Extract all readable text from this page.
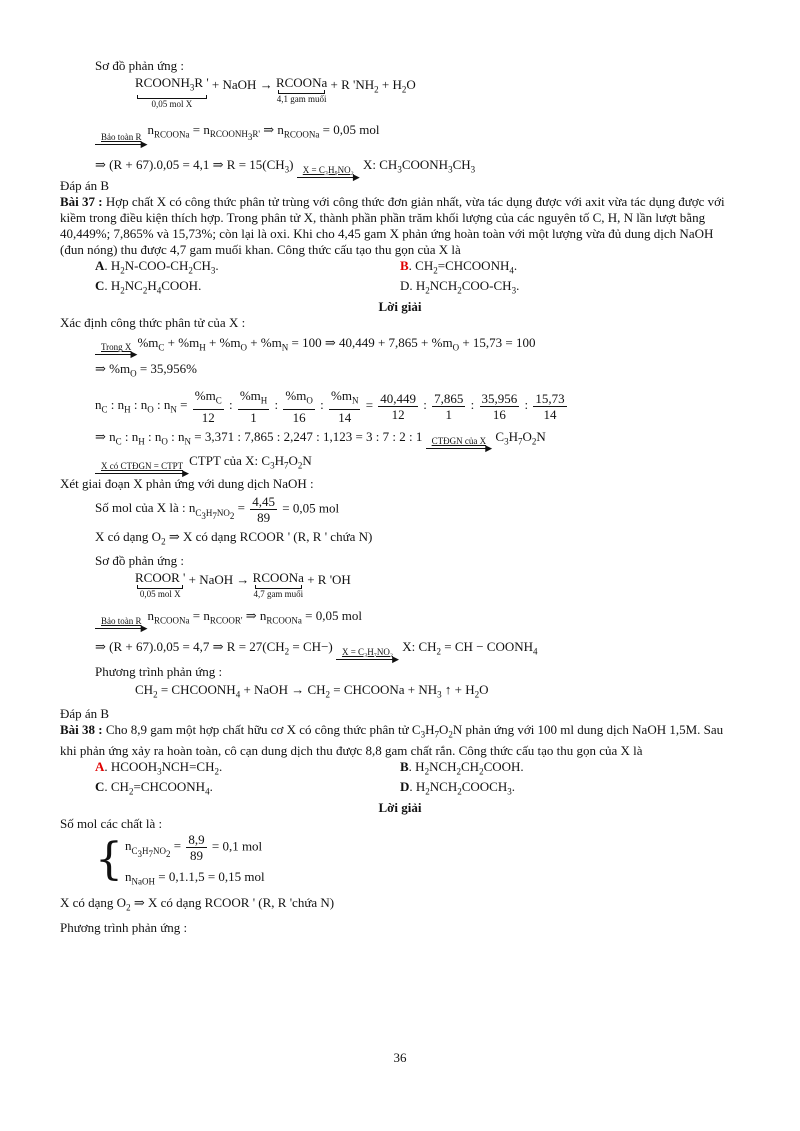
Sơ đồ phản ứng :
$RCOONH_3R$ '
0,05 mol X
+ NaOH → RCOONa
4,1 gam muối
+ R '$NH_2 + H_2O$
Bảo toàn R
▶
$n_{RCOONa} = n_{RCOONH_3R'}$ ⇒ $n_{RCOONa} = 0,05$ mol
⇒ (R + 67).0,05 = 4,1 ⇒ $R = 15(CH_3)$	X = C₃H₉NO₂
▶
X: $CH_3COONH_3CH_3$
Đáp án B
Bài 37 : Hợp chất X có công thức phân tử trùng với công thức đơn giản nhất, vừa tác dụng được với axit vừa tác dụng được với kiềm trong điều kiện thích hợp. Trong phân tử X, thành phần phần trăm khối lượng của các nguyên tố C, H, N lần lượt bằng 40,449%; 7,865% và 15,73%; còn lại là oxi. Khi cho 4,45 gam X phản ứng hoàn toàn với một lượng vừa đủ dung dịch NaOH (đun nóng) thu được 4,7 gam muối khan. Công thức cấu tạo thu gọn của X là
A. $H_2N-COO-CH_2CH_3$.	B. $CH_2=CHCOONH_4$.
C. $H_2NC_2H_4COOH$.	D. $H_2NCH_2COO-CH_3$.
Lời giải
Xác định công thức phân tử của X :
Trong X
▶
$\%m_C + \%m_H + \%m_O + \%m_N = 100$ ⇒ $40,449 + 7,865 + \%m_O + 15,73 = 100$
⇒ $\%m_O = 35,956\%$
$n_C$ : $n_H$ : $n_O$ : $n_N = \frac{\%m_C}{12}$ : $\frac{\%m_H}{1}$ : $\frac{\%m_O}{16}$ : $\frac{\%m_N}{14} = \frac{40,449}{12}$ : $\frac{7,865}{1}$ : $\frac{35,956}{16}$ : $\frac{15,73}{14}$
⇒ $n_C$ : $n_H$ : $n_O$ : $n_N = 3,371$ : 7,865 : 2,247 : 1,123 = 3 : 7 : 2 : 1	CTĐGN của X
▶
$C_3H_7O_2N$
X có CTĐGN = CTPT
▶
CTPT của X: $C_3H_7O_2N$
Xét giai đoạn X phản ứng với dung dịch NaOH :
Số mol của X là : $n_{C_3H_7NO_2} = \frac{4,45}{89} = 0,05$ mol
X có dạng $O_2$ ⇒ X có dạng RCOOR ' (R, R ' chứa N)
Sơ đồ phản ứng :
RCOOR '
0,05 mol X
+ NaOH → RCOONa
4,7 gam muối
+ R 'OH
Bảo toàn R
▶
$n_{RCOONa} = n_{RCOOR'}$ ⇒ $n_{RCOONa} = 0,05$ mol
⇒ (R + 67).0,05 = 4,7 ⇒ $R = 27(CH_2 = CH-)$	X = C₃H₇NO₂
▶
X: $CH_2$ = CH − $COONH_4$
Phương trình phản ứng :
$CH_2$ = $CHCOONH_4$ + NaOH → $CH_2$ = CHCOONa + $NH_3$ ↑ + $H_2O$
Đáp án B
Bài 38 : Cho 8,9 gam một hợp chất hữu cơ X có công thức phân tử $C_3H_7O_2N$ phản ứng với 100 ml dung dịch NaOH 1,5M. Sau khi phản ứng xảy ra hoàn toàn, cô cạn dung dịch thu được 8,8 gam chất rắn. Công thức cấu tạo thu gọn của X là
A. $HCOOH_3NCH=CH_2$.	B. $H_2NCH_2CH_2COOH$.
C. $CH_2=CHCOONH_4$.	D. $H_2NCH_2COOCH_3$.
Lời giải
Số mol các chất là :
{ $n_{C_3H_7NO_2} = \frac{8,9}{89} = 0,1$ mol
$n_{NaOH} = 0,1.1,5 = 0,15$ mol
X có dạng $O_2$ ⇒ X có dạng RCOOR ' (R, R 'chứa N)
Phương trình phản ứng :
36
